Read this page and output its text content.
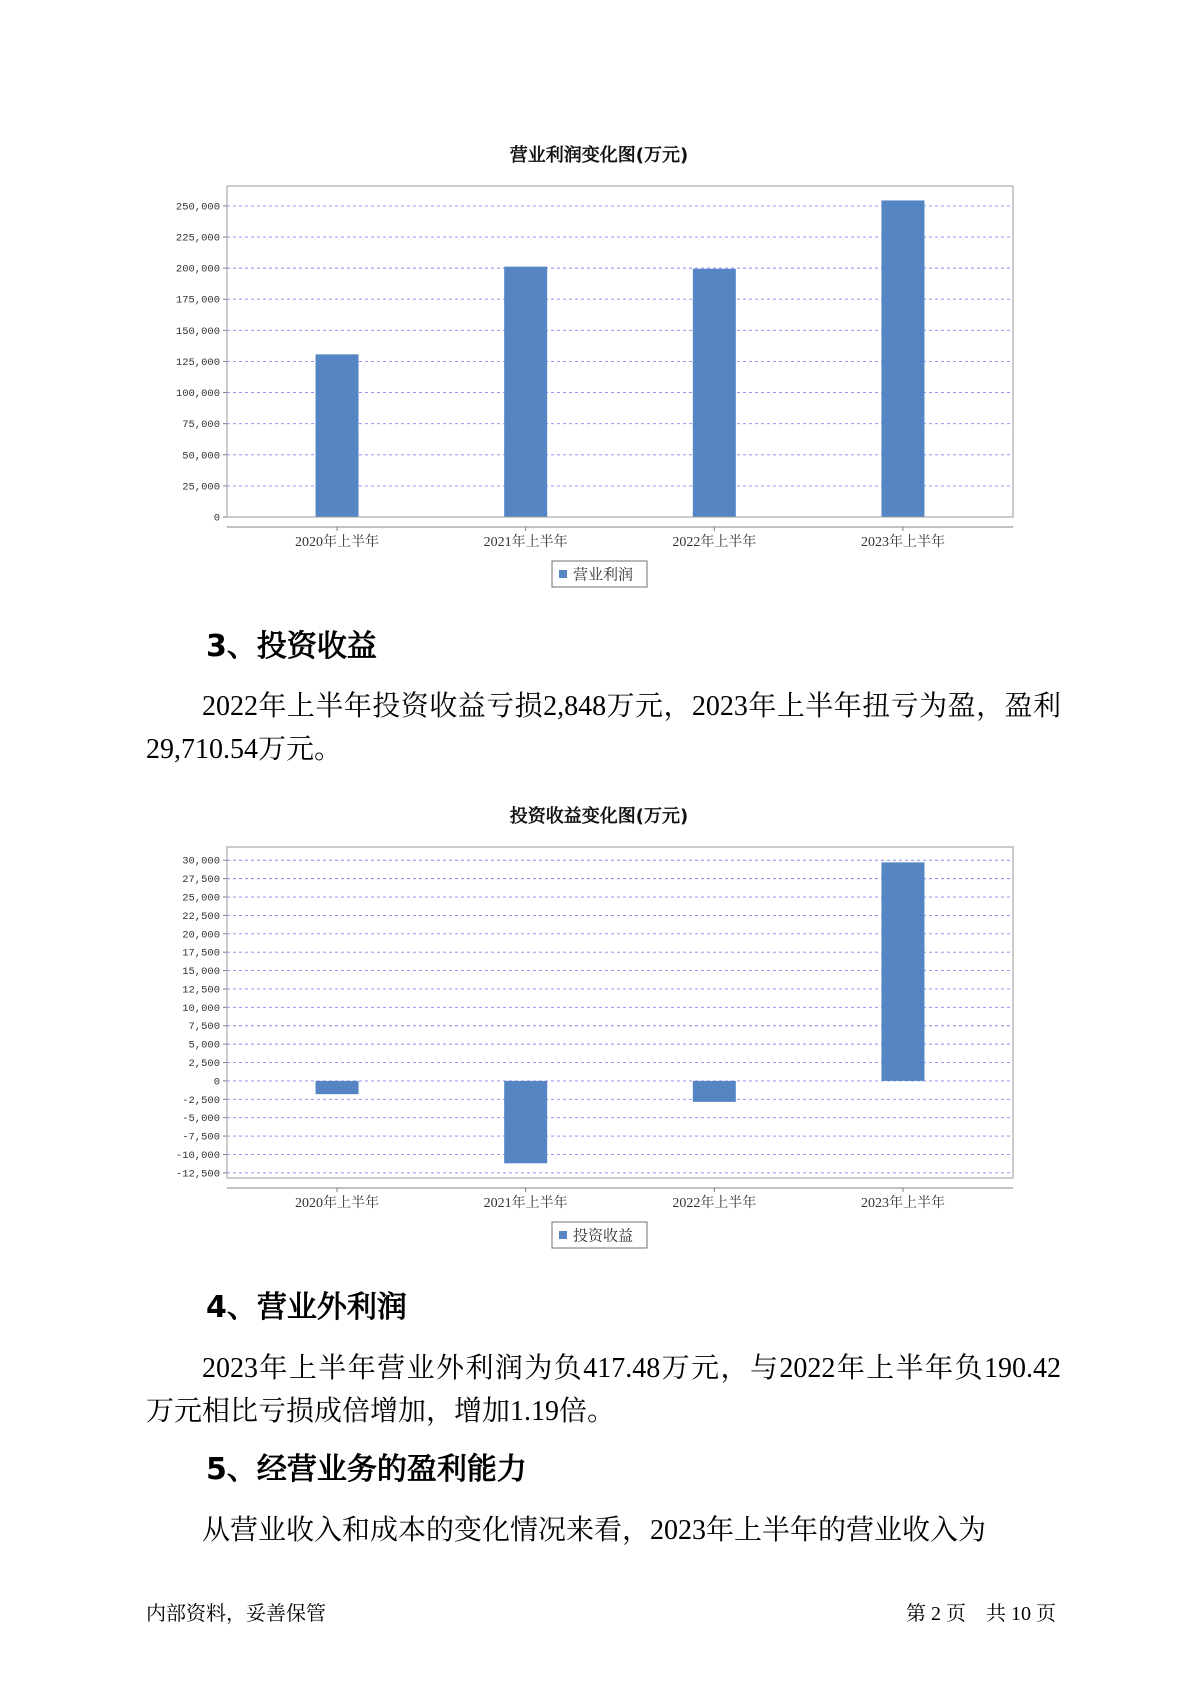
营业利润变化图(万元)
0
25,000
50,000
75,000
100,000
125,000
150,000
175,000
200,000
225,000
250,000
2020年上半年	2021年上半年	2022年上半年	2023年上半年
营业利润
3、投资收益
2022年上半年投资收益亏损2,848万元，2023年上半年扭亏为盈，盈利
29,710.54万元。
投资收益变化图(万元)
-12,500
-10,000
-7,500
-5,000
-2,500
0
2,500
5,000
7,500
10,000
12,500
15,000
17,500
20,000
22,500
25,000
27,500
30,000
2020年上半年	2021年上半年	2022年上半年	2023年上半年
投资收益
4、营业外利润
2023年上半年营业外利润为负417.48万元，与2022年上半年负190.42
万元相比亏损成倍增加，增加1.19倍。
5、经营业务的盈利能力
从营业收入和成本的变化情况来看，2023年上半年的营业收入为
内部资料，妥善保管	第 2 页 共 10 页
